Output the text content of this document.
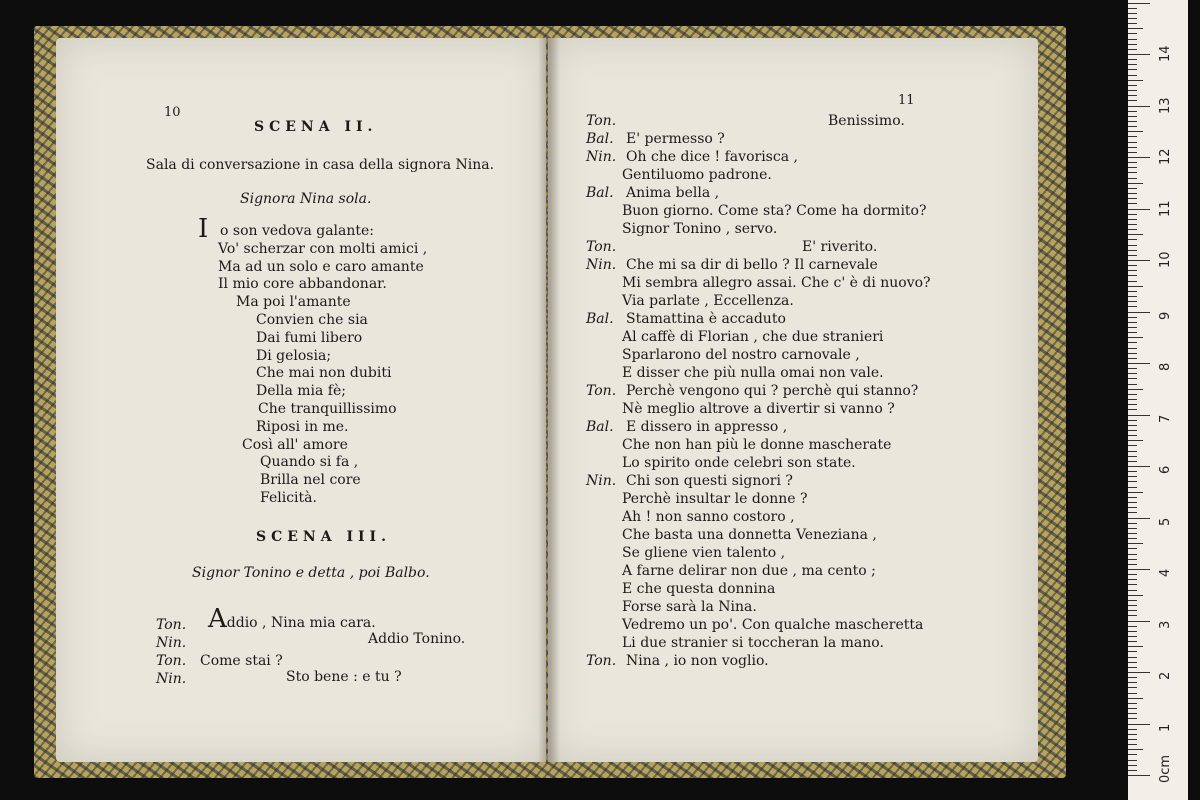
10
SCENA II.
Sala di conversazione in casa della signora Nina.
Signora Nina sola.
I o son vedova galante:
Vo' scherzar con molti amici ,
Ma ad un solo e caro amante
Il mio core abbandonar.
Ma poi l'amante
Convien che sia
Dai fumi libero
Di gelosia;
Che mai non dubiti
Della mia fè;
Che tranquillissimo
Riposi in me.
Così all' amore
Quando si fa ,
Brilla nel core
Felicità.
SCENA III.
Signor Tonino e detta , poi Balbo.
Ton. Addio , Nina mia cara.
Nin.	Addio Tonino.
Ton. Come stai ?
Nin.	Sto bene : e tu ?
11
Ton.	Benissimo.
Bal. E' permesso ?
Nin. Oh che dice ! favorisca ,
Gentiluomo padrone.
Bal. Anima bella ,
Buon giorno. Come sta? Come ha dormito?
Signor Tonino , servo.
Ton.	E' riverito.
Nin. Che mi sa dir di bello ? Il carnevale
Mi sembra allegro assai. Che c' è di nuovo?
Via parlate , Eccellenza.
Bal. Stamattina è accaduto
Al caffè di Florian , che due stranieri
Sparlarono del nostro carnovale ,
E disser che più nulla omai non vale.
Ton. Perchè vengono qui ? perchè qui stanno?
Nè meglio altrove a divertir si vanno ?
Bal. E dissero in appresso ,
Che non han più le donne mascherate
Lo spirito onde celebri son state.
Nin. Chi son questi signori ?
Perchè insultar le donne ?
Ah ! non sanno costoro ,
Che basta una donnetta Veneziana ,
Se gliene vien talento ,
A farne delirar non due , ma cento ;
E che questa donnina
Forse sarà la Nina.
Vedremo un po'. Con qualche mascheretta
Li due stranier si toccheran la mano.
Ton. Nina , io non voglio.
0cm
1
2
3
4
5
6
7
8
9
10
11
12
13
14
